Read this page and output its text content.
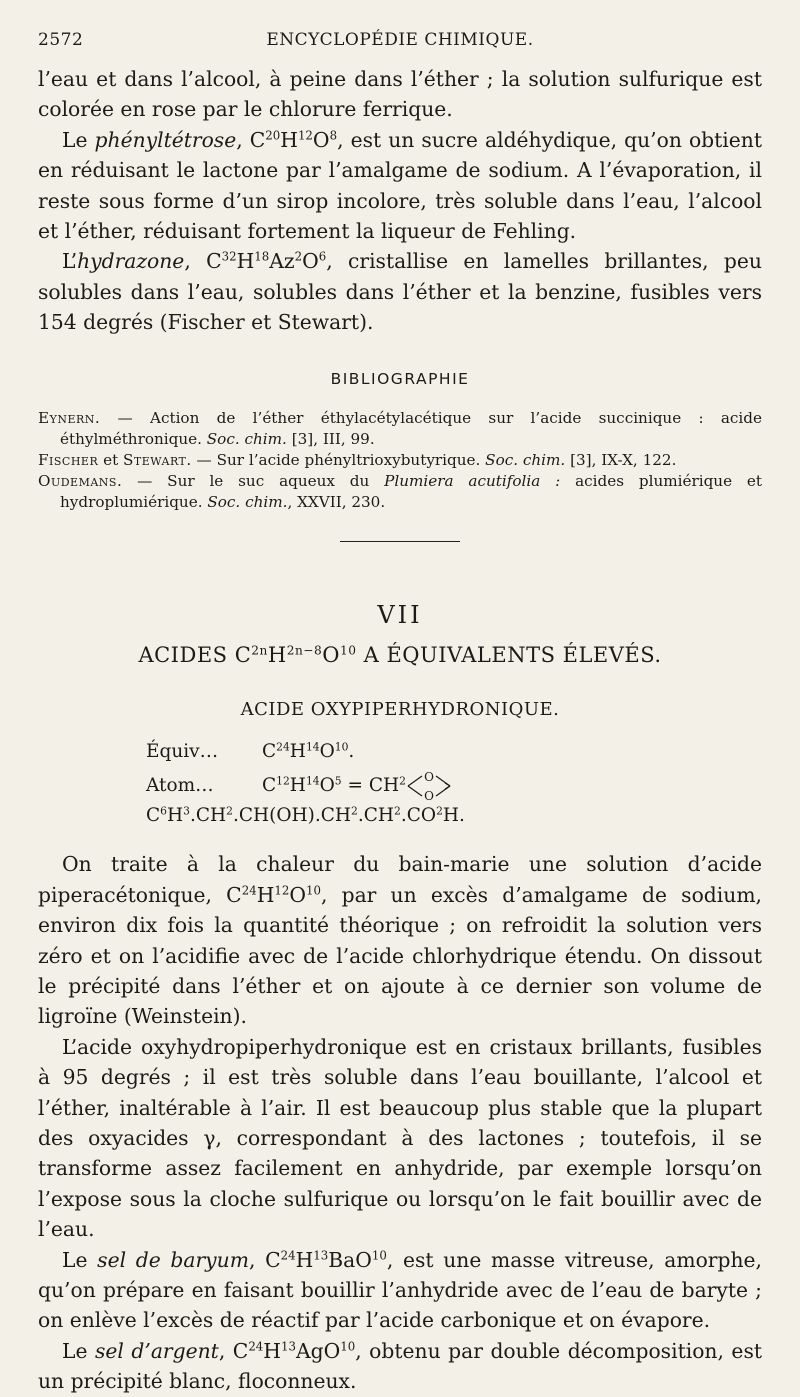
2572	ENCYCLOPÉDIE CHIMIQUE.

l’eau et dans l’alcool, à peine dans l’éther ; la solution sulfurique est colorée en rose par le chlorure ferrique.

Le phényltétrose, $C^{20}H^{12}O^8$, est un sucre aldéhydique, qu’on obtient en réduisant le lactone par l’amalgame de sodium. A l’évaporation, il reste sous forme d’un sirop incolore, très soluble dans l’eau, l’alcool et l’éther, réduisant fortement la liqueur de Fehling.

L’hydrazone, $C^{32}H^{18}Az^2O^6$, cristallise en lamelles brillantes, peu solubles dans l’eau, solubles dans l’éther et la benzine, fusibles vers 154 degrés (Fischer et Stewart).

BIBLIOGRAPHIE

Eynern. — Action de l’éther éthylacétylacétique sur l’acide succinique : acide éthylméthronique. Soc. chim. [3], III, 99.

Fischer et Stewart. — Sur l’acide phényltrioxybutyrique. Soc. chim. [3], IX-X, 122.

Oudemans. — Sur le suc aqueux du Plumiera acutifolia : acides plumiérique et hydroplumiérique. Soc. chim., XXVII, 230.

VII
ACIDES $C^{2n}H^{2n-8}O^{10}$ A ÉQUIVALENTS ÉLEVÉS.
ACIDE OXYPIPERHYDRONIQUE.
Équiv… $C^{24}H^{14}O^{10}$.
Atom…	$C^{12}H^{14}O^5 = CH^2$ O
O
$C^6H^3.CH^2.CH(OH).CH^2.CH^2.CO^2H$.

On traite à la chaleur du bain-marie une solution d’acide piperacétonique, $C^{24}H^{12}O^{10}$, par un excès d’amalgame de sodium, environ dix fois la quantité théorique ; on refroidit la solution vers zéro et on l’acidifie avec de l’acide chlorhydrique étendu. On dissout le précipité dans l’éther et on ajoute à ce dernier son volume de ligroïne (Weinstein).

L’acide oxyhydropiperhydronique est en cristaux brillants, fusibles à 95 degrés ; il est très soluble dans l’eau bouillante, l’alcool et l’éther, inaltérable à l’air. Il est beaucoup plus stable que la plupart des oxyacides γ, correspondant à des lactones ; toutefois, il se transforme assez facilement en anhydride, par exemple lorsqu’on l’expose sous la cloche sulfurique ou lorsqu’on le fait bouillir avec de l’eau.

Le sel de baryum, $C^{24}H^{13}BaO^{10}$, est une masse vitreuse, amorphe, qu’on prépare en faisant bouillir l’anhydride avec de l’eau de baryte ; on enlève l’excès de réactif par l’acide carbonique et on évapore.

Le sel d’argent, $C^{24}H^{13}AgO^{10}$, obtenu par double décomposition, est un précipité blanc, floconneux.
